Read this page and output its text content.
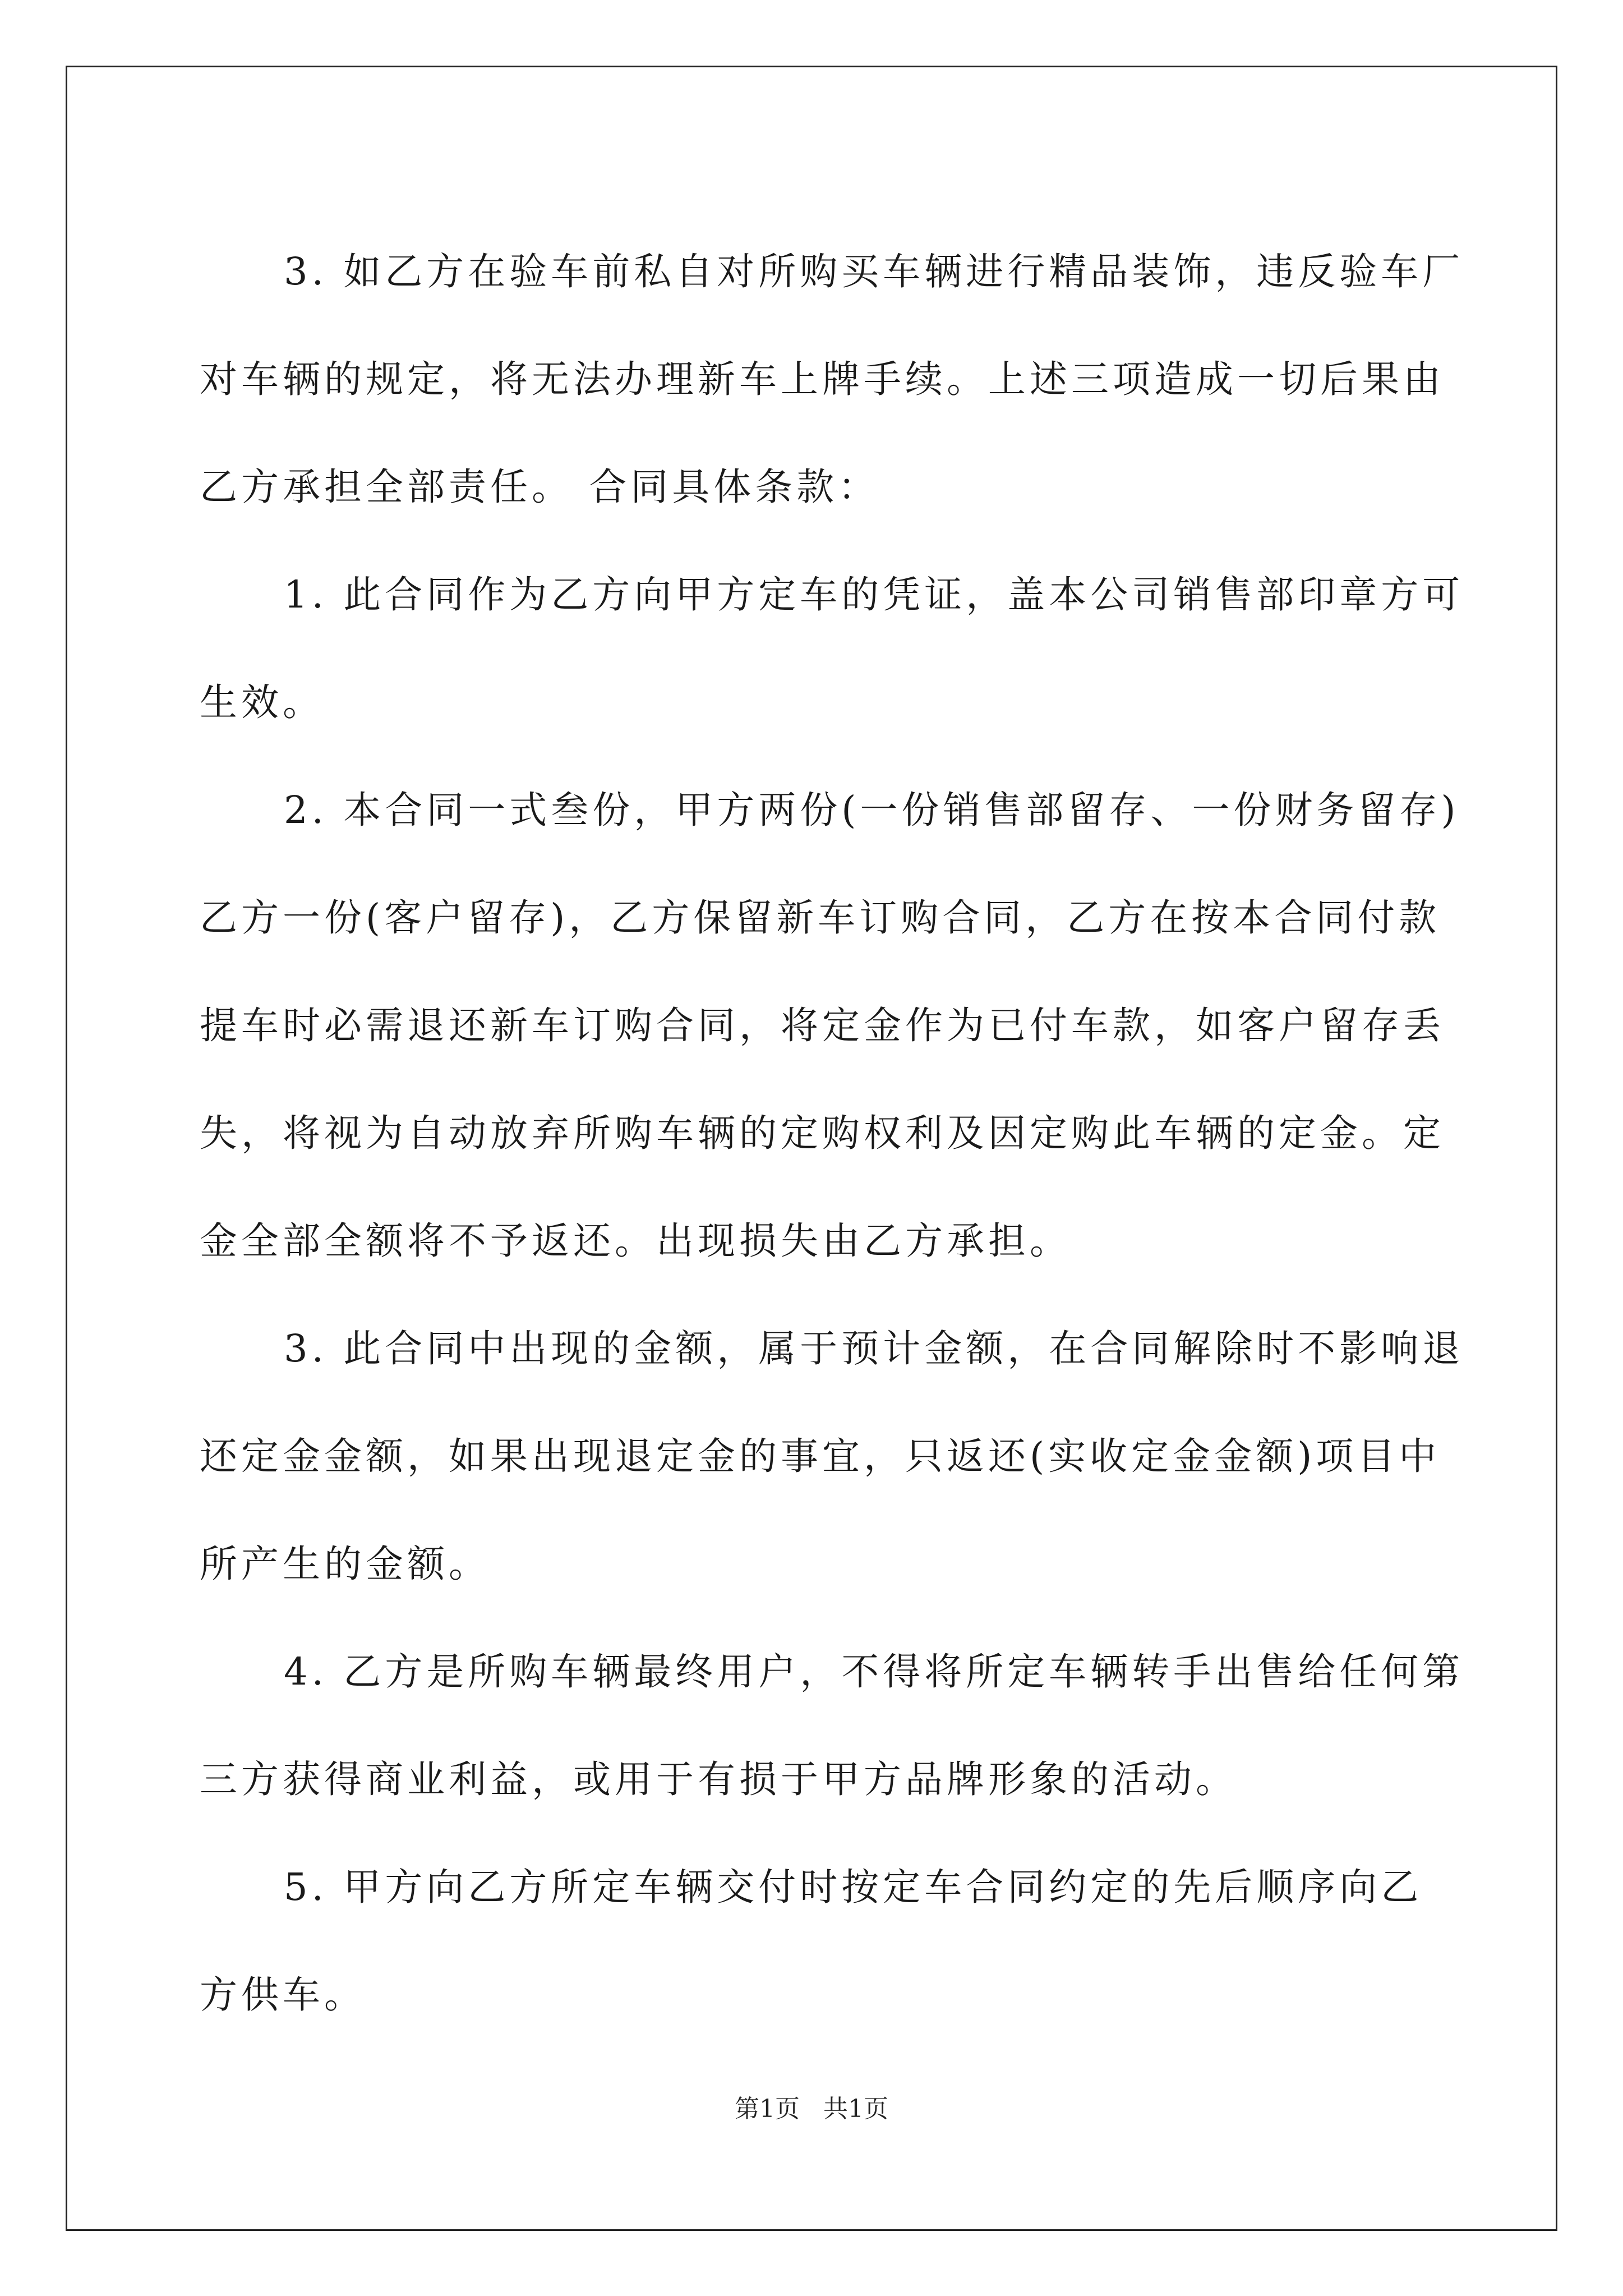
3. 如乙方在验车前私自对所购买车辆进行精品装饰，违反验车厂
对车辆的规定，将无法办理新车上牌手续。上述三项造成一切后果由
乙方承担全部责任。 合同具体条款：

1. 此合同作为乙方向甲方定车的凭证，盖本公司销售部印章方可
生效。

2. 本合同一式叁份，甲方两份(一份销售部留存、一份财务留存)
乙方一份(客户留存)，乙方保留新车订购合同，乙方在按本合同付款
提车时必需退还新车订购合同，将定金作为已付车款，如客户留存丢
失，将视为自动放弃所购车辆的定购权利及因定购此车辆的定金。定
金全部全额将不予返还。出现损失由乙方承担。

3. 此合同中出现的金额，属于预计金额，在合同解除时不影响退
还定金金额，如果出现退定金的事宜，只返还(实收定金金额)项目中
所产生的金额。

4. 乙方是所购车辆最终用户，不得将所定车辆转手出售给任何第
三方获得商业利益，或用于有损于甲方品牌形象的活动。

5. 甲方向乙方所定车辆交付时按定车合同约定的先后顺序向乙
方供车。

第1页 共1页
